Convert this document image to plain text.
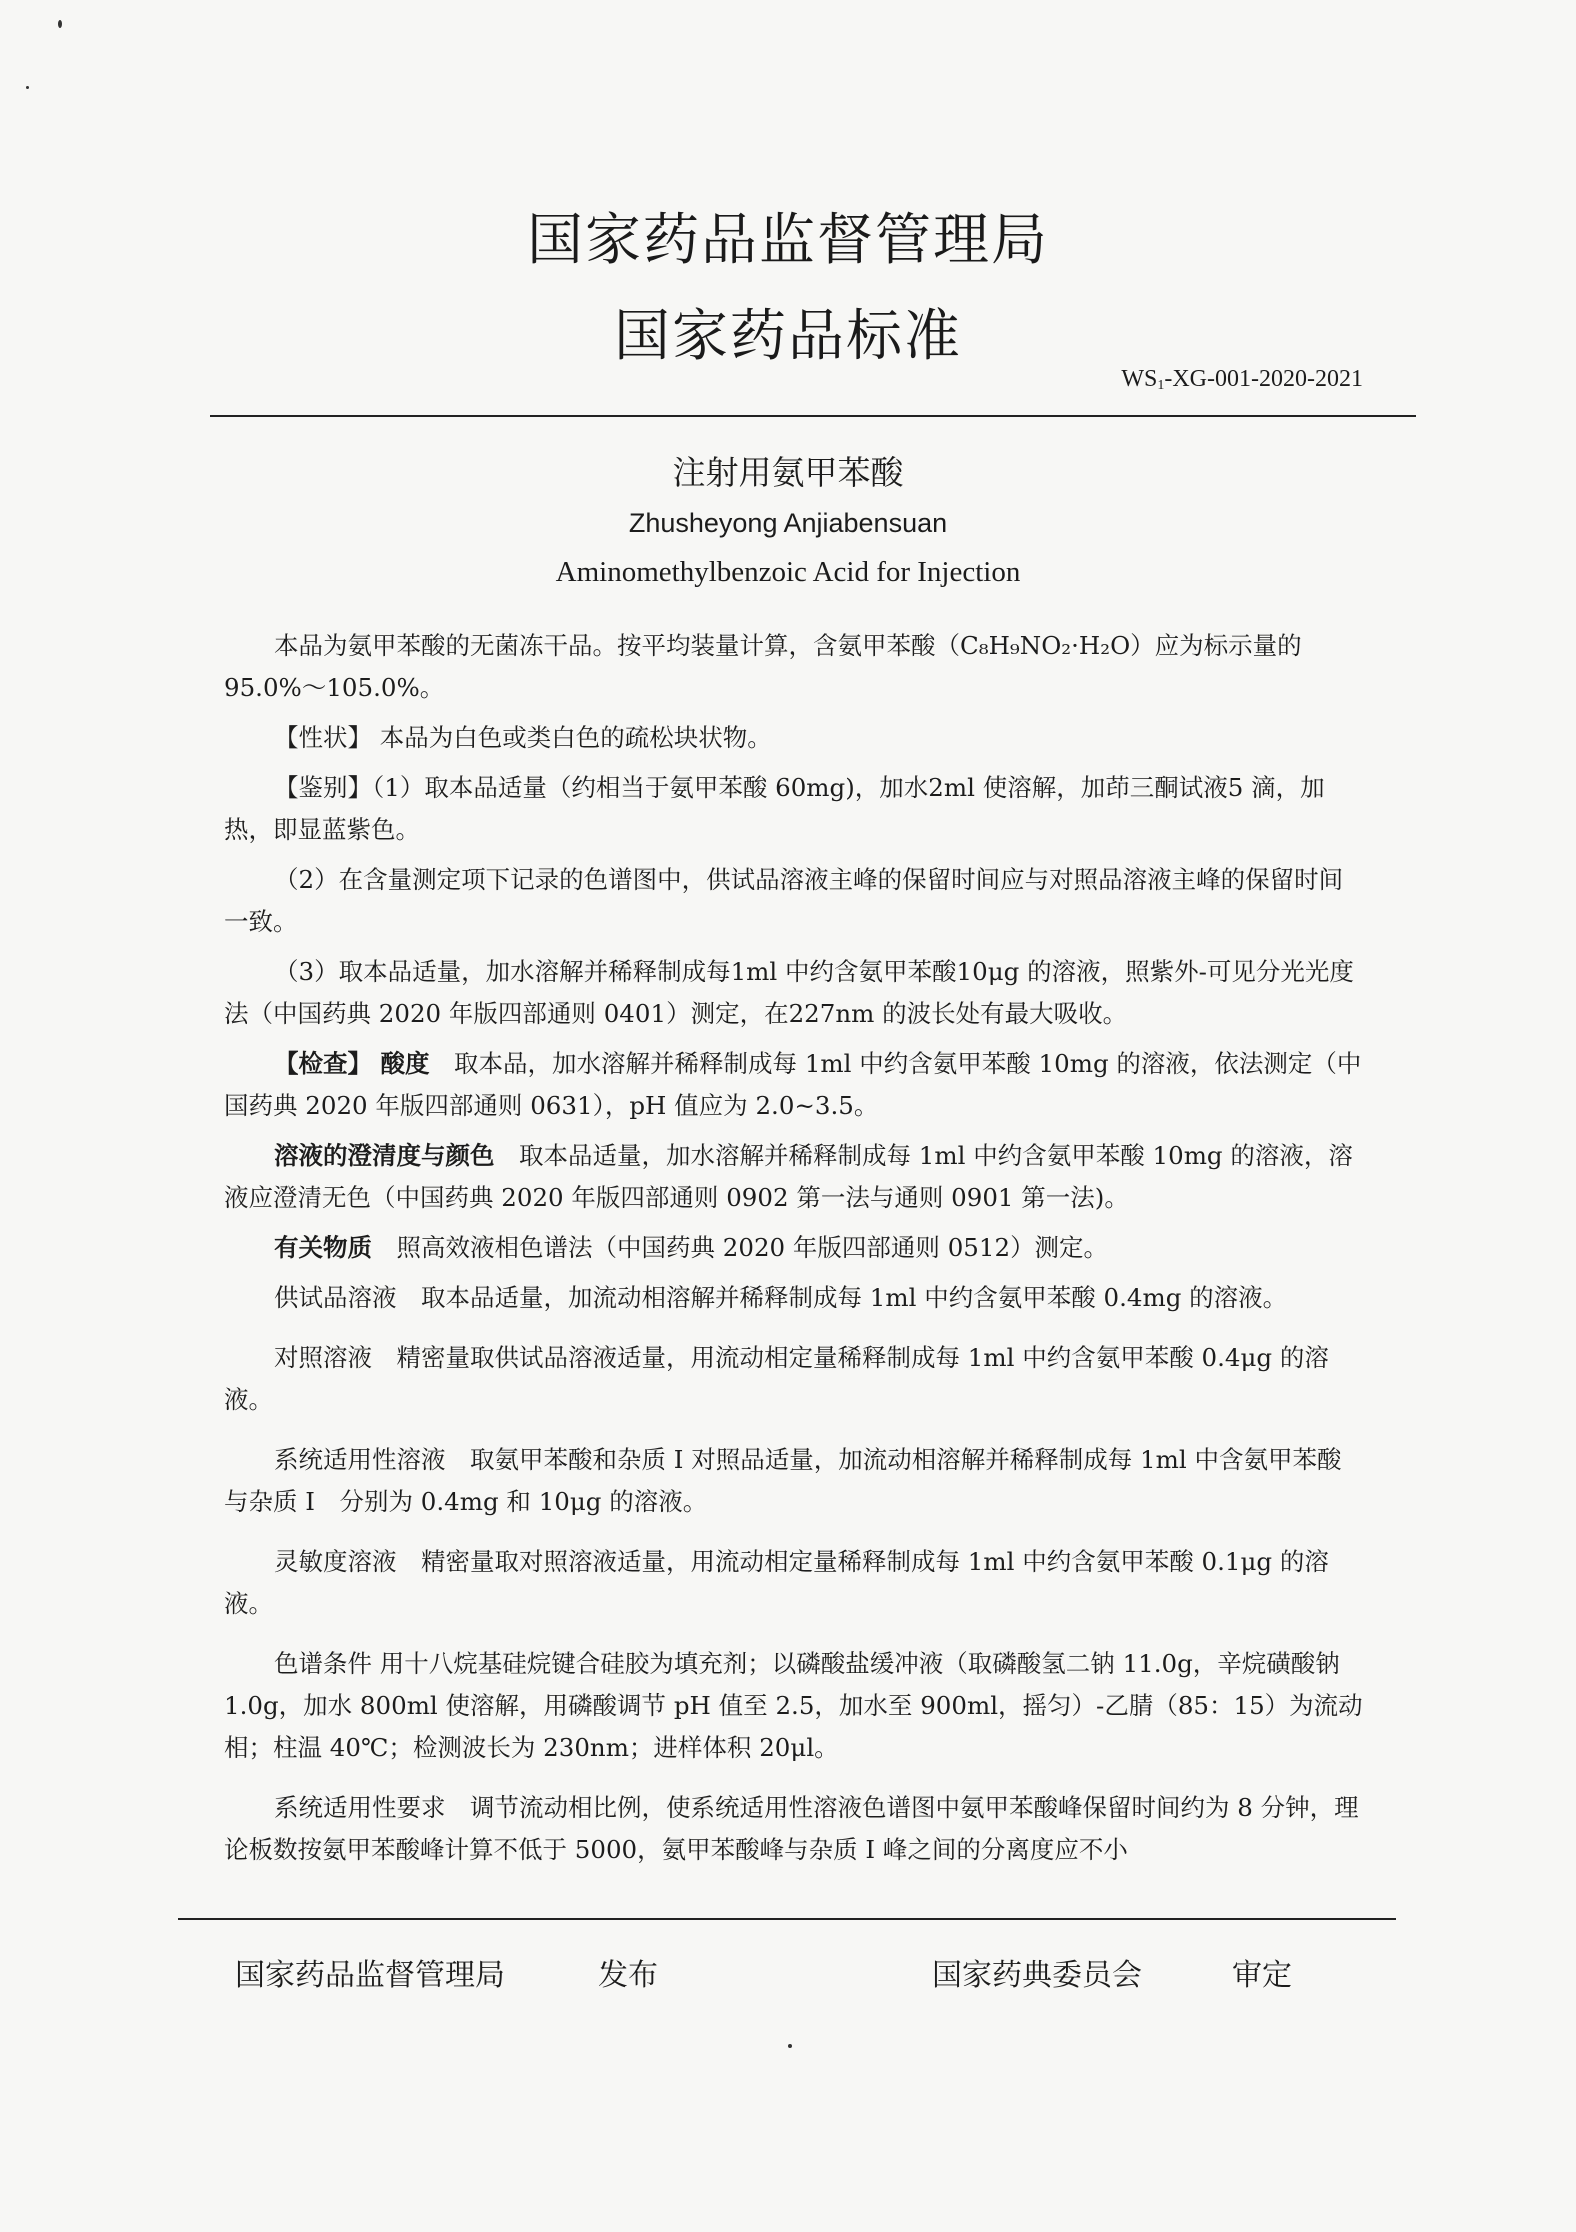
国家药品监督管理局
国家药品标准
$WS_1-XG-001-2020-2021$
注射用氨甲苯酸
Zhusheyong Anjiabensuan
Aminomethylbenzoic Acid for Injection

本品为氨甲苯酸的无菌冻干品。按平均装量计算，含氨甲苯酸（C₈H₉NO₂·H₂O）应为标示量的 95.0%～105.0%。

【性状】 本品为白色或类白色的疏松块状物。

【鉴别】（1）取本品适量（约相当于氨甲苯酸 60mg)，加水2ml 使溶解，加茚三酮试液5 滴，加热，即显蓝紫色。

（2）在含量测定项下记录的色谱图中，供试品溶液主峰的保留时间应与对照品溶液主峰的保留时间一致。

（3）取本品适量，加水溶解并稀释制成每1ml 中约含氨甲苯酸10μg 的溶液，照紫外-可见分光光度法（中国药典 2020 年版四部通则 0401）测定，在227nm 的波长处有最大吸收。

【检查】 酸度　取本品，加水溶解并稀释制成每 1ml 中约含氨甲苯酸 10mg 的溶液，依法测定（中国药典 2020 年版四部通则 0631），pH 值应为 2.0~3.5。

溶液的澄清度与颜色　取本品适量，加水溶解并稀释制成每 1ml 中约含氨甲苯酸 10mg 的溶液，溶液应澄清无色（中国药典 2020 年版四部通则 0902 第一法与通则 0901 第一法)。

有关物质　照高效液相色谱法（中国药典 2020 年版四部通则 0512）测定。

供试品溶液　取本品适量，加流动相溶解并稀释制成每 1ml 中约含氨甲苯酸 0.4mg 的溶液。

对照溶液　精密量取供试品溶液适量，用流动相定量稀释制成每 1ml 中约含氨甲苯酸 0.4μg 的溶液。

系统适用性溶液　取氨甲苯酸和杂质 I 对照品适量，加流动相溶解并稀释制成每 1ml 中含氨甲苯酸与杂质 I　分别为 0.4mg 和 10μg 的溶液。

灵敏度溶液　精密量取对照溶液适量，用流动相定量稀释制成每 1ml 中约含氨甲苯酸 0.1μg 的溶液。

色谱条件 用十八烷基硅烷键合硅胶为填充剂；以磷酸盐缓冲液（取磷酸氢二钠 11.0g，辛烷磺酸钠 1.0g，加水 800ml 使溶解，用磷酸调节 pH 值至 2.5，加水至 900ml，摇匀）-乙腈（85：15）为流动相；柱温 40℃；检测波长为 230nm；进样体积 20μl。

系统适用性要求　调节流动相比例，使系统适用性溶液色谱图中氨甲苯酸峰保留时间约为 8 分钟，理论板数按氨甲苯酸峰计算不低于 5000，氨甲苯酸峰与杂质 I 峰之间的分离度应不小

国家药品监督管理局	发布	国家药典委员会	审定
